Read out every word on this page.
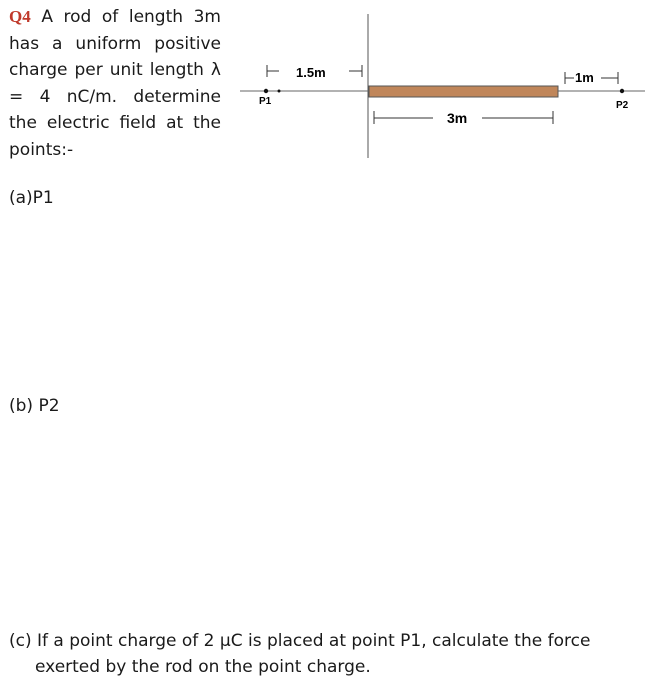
Q4 A rod of length 3m has a uniform positive charge per unit length λ = 4 nC/m. determine the electric field at the points:-
(a)P1
(b) P2
(c) If a point charge of 2 μC is placed at point P1, calculate the force
exerted by the rod on the point charge.
P1	P2
1.5m	1m
3m
